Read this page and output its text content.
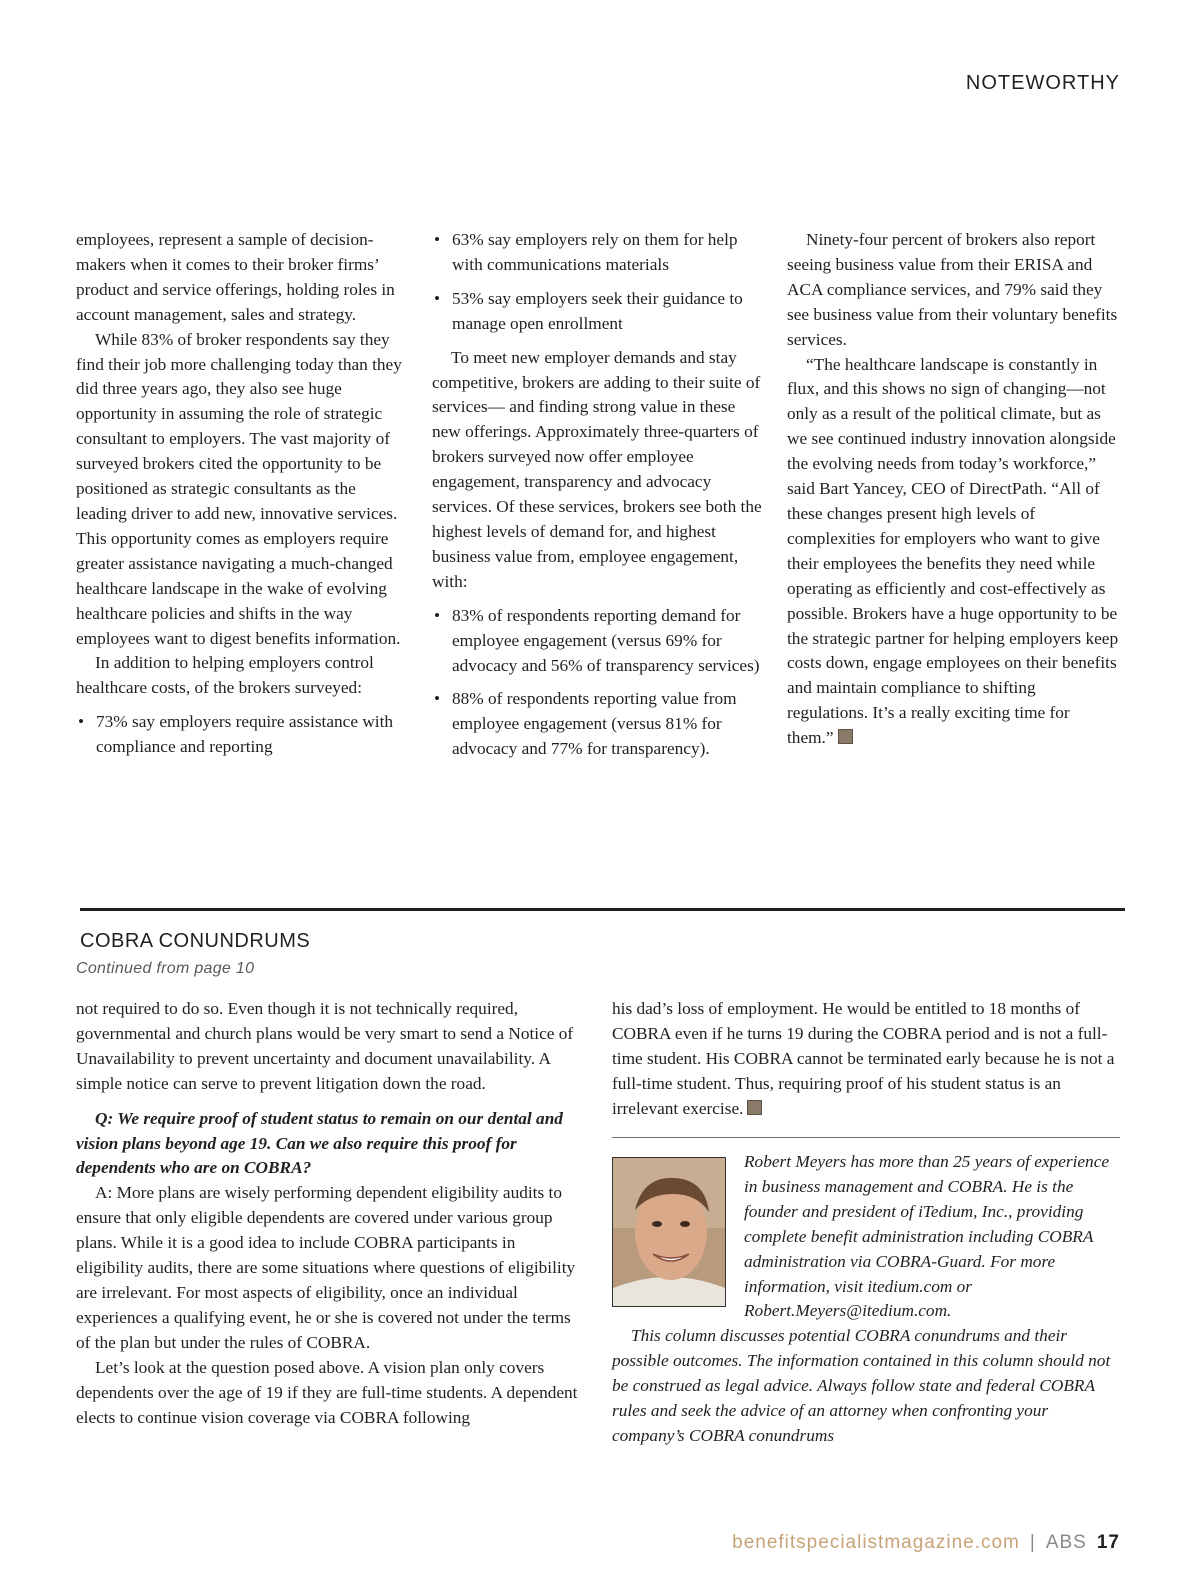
NOTEWORTHY

employees, represent a sample of decision-makers when it comes to their broker firms’ product and service offerings, holding roles in account management, sales and strategy.

While 83% of broker respondents say they find their job more challenging today than they did three years ago, they also see huge opportunity in assuming the role of strategic consultant to employers. The vast majority of surveyed brokers cited the opportunity to be positioned as strategic consultants as the leading driver to add new, innovative services. This opportunity comes as employers require greater assistance navigating a much-changed healthcare landscape in the wake of evolving healthcare policies and shifts in the way employees want to digest benefits information.

In addition to helping employers control healthcare costs, of the brokers surveyed:

• 73% say employers require assistance with compliance and reporting
• 63% say employers rely on them for help with communications materials
• 53% say employers seek their guidance to manage open enrollment

To meet new employer demands and stay competitive, brokers are adding to their suite of services— and finding strong value in these new offerings. Approximately three-quarters of brokers surveyed now offer employee engagement, transparency and advocacy services. Of these services, brokers see both the highest levels of demand for, and highest business value from, employee engagement, with:

• 83% of respondents reporting demand for employee engagement (versus 69% for advocacy and 56% of transparency services)
• 88% of respondents reporting value from employee engagement (versus 81% for advocacy and 77% for transparency).

Ninety-four percent of brokers also report seeing business value from their ERISA and ACA compliance services, and 79% said they see business value from their voluntary benefits services.

“The healthcare landscape is constantly in flux, and this shows no sign of changing—not only as a result of the political climate, but as we see continued industry innovation alongside the evolving needs from today’s workforce,” said Bart Yancey, CEO of DirectPath. “All of these changes present high levels of complexities for employers who want to give their employees the benefits they need while operating as efficiently and cost-effectively as possible. Brokers have a huge opportunity to be the strategic partner for helping employers keep costs down, engage employees on their benefits and maintain compliance to shifting regulations. It’s a really exciting time for them.”

COBRA CONUNDRUMS
Continued from page 10

not required to do so. Even though it is not technically required, governmental and church plans would be very smart to send a Notice of Unavailability to prevent uncertainty and document unavailability. A simple notice can serve to prevent litigation down the road.

Q: We require proof of student status to remain on our dental and vision plans beyond age 19. Can we also require this proof for dependents who are on COBRA?

A: More plans are wisely performing dependent eligibility audits to ensure that only eligible dependents are covered under various group plans. While it is a good idea to include COBRA participants in eligibility audits, there are some situations where questions of eligibility are irrelevant. For most aspects of eligibility, once an individual experiences a qualifying event, he or she is covered not under the terms of the plan but under the rules of COBRA.

Let’s look at the question posed above. A vision plan only covers dependents over the age of 19 if they are full-time students. A dependent elects to continue vision coverage via COBRA following

his dad’s loss of employment. He would be entitled to 18 months of COBRA even if he turns 19 during the COBRA period and is not a full-time student. His COBRA cannot be terminated early because he is not a full-time student. Thus, requiring proof of his student status is an irrelevant exercise.

Robert Meyers has more than 25 years of experience in business management and COBRA. He is the founder and president of iTedium, Inc., providing complete benefit administration including COBRA administration via COBRA-Guard. For more information, visit itedium.com or Robert.Meyers@itedium.com.
This column discusses potential COBRA conundrums and their possible outcomes. The information contained in this column should not be construed as legal advice. Always follow state and federal COBRA rules and seek the advice of an attorney when confronting your company’s COBRA conundrums
benefitspecialistmagazine.com | ABS 17
